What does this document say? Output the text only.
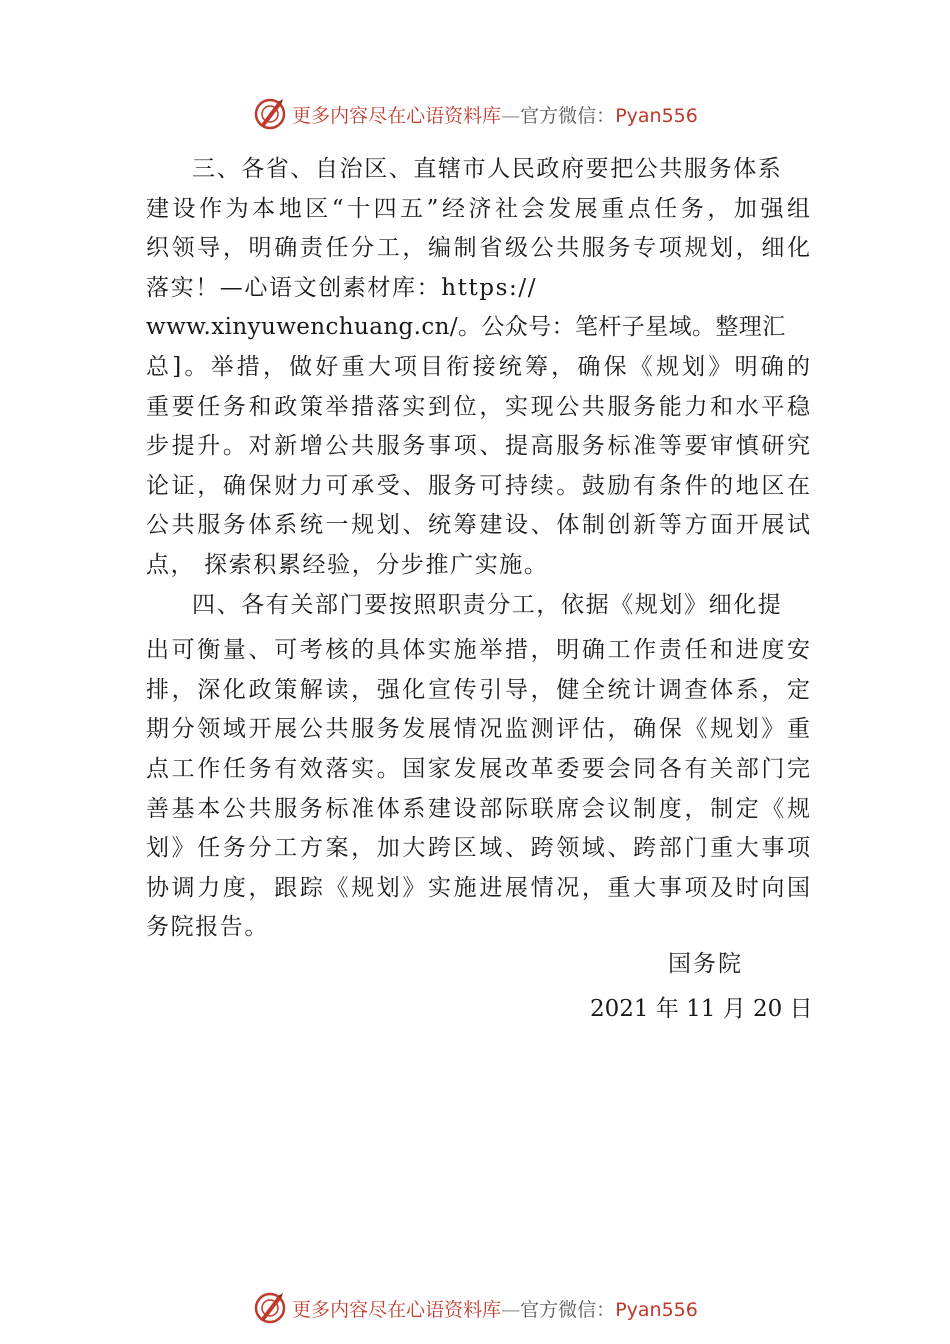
更多内容尽在心语资料库—官方微信：Pyan556
三、各省、自治区、直辖市人民政府要把公共服务体系
建设作为本地区“十四五”经济社会发展重点任务，加强组
织领导，明确责任分工，编制省级公共服务专项规划，细化
落实！—心语文创素材库：https://
www.xinyuwenchuang.cn/。公众号：笔杆子星域。整理汇
总]。举措，做好重大项目衔接统筹，确保《规划》明确的
重要任务和政策举措落实到位，实现公共服务能力和水平稳
步提升。对新增公共服务事项、提高服务标准等要审慎研究
论证，确保财力可承受、服务可持续。鼓励有条件的地区在
公共服务体系统一规划、统筹建设、体制创新等方面开展试
点， 探索积累经验，分步推广实施。
四、各有关部门要按照职责分工，依据《规划》细化提
出可衡量、可考核的具体实施举措，明确工作责任和进度安
排，深化政策解读，强化宣传引导，健全统计调查体系，定
期分领域开展公共服务发展情况监测评估，确保《规划》重
点工作任务有效落实。国家发展改革委要会同各有关部门完
善基本公共服务标准体系建设部际联席会议制度，制定《规
划》任务分工方案，加大跨区域、跨领域、跨部门重大事项
协调力度，跟踪《规划》实施进展情况，重大事项及时向国
务院报告。
国务院
2021 年 11 月 20 日
更多内容尽在心语资料库—官方微信：Pyan556
